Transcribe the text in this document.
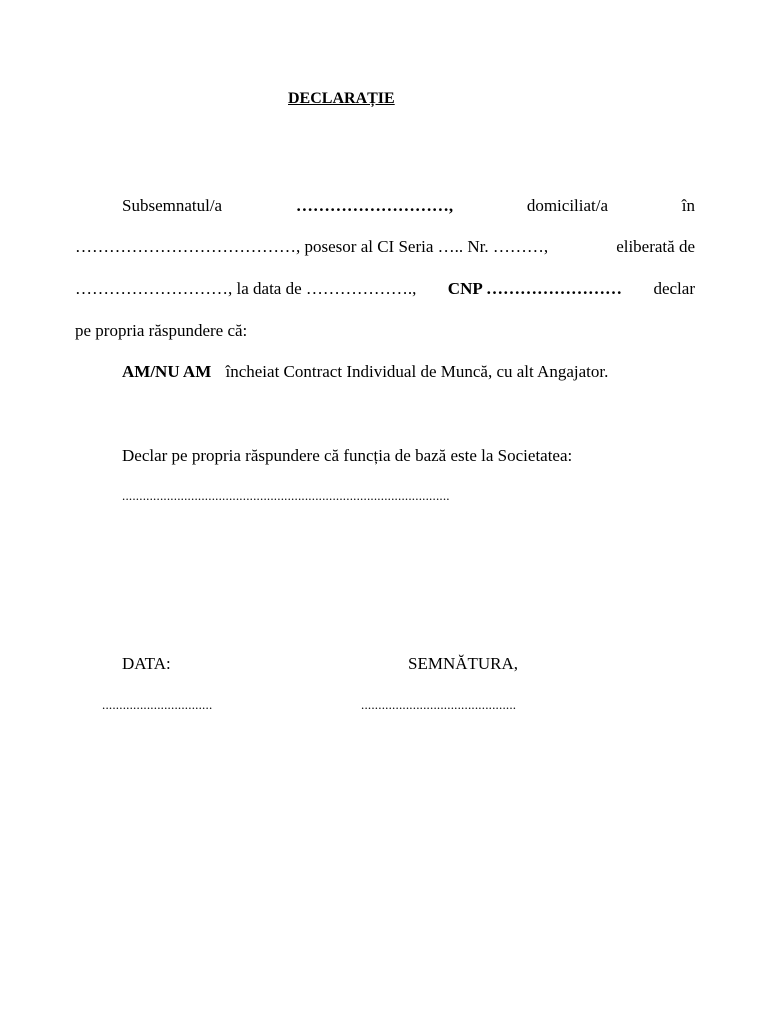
DECLARAȚIE
Subsemnatul/a	………………………,	domiciliat/a	în
…………………………………, posesor al CI Seria ….. Nr. ………,	eliberată de
………………………, la data de ………………., CNP …………………… declar
pe propria răspundere că:
AM/NU AM încheiat Contract Individual de Muncă, cu alt Angajator.
Declar pe propria răspundere că funcția de bază este la Societatea:
...............................................................................................
DATA:	SEMNĂTURA,
................................	.............................................
